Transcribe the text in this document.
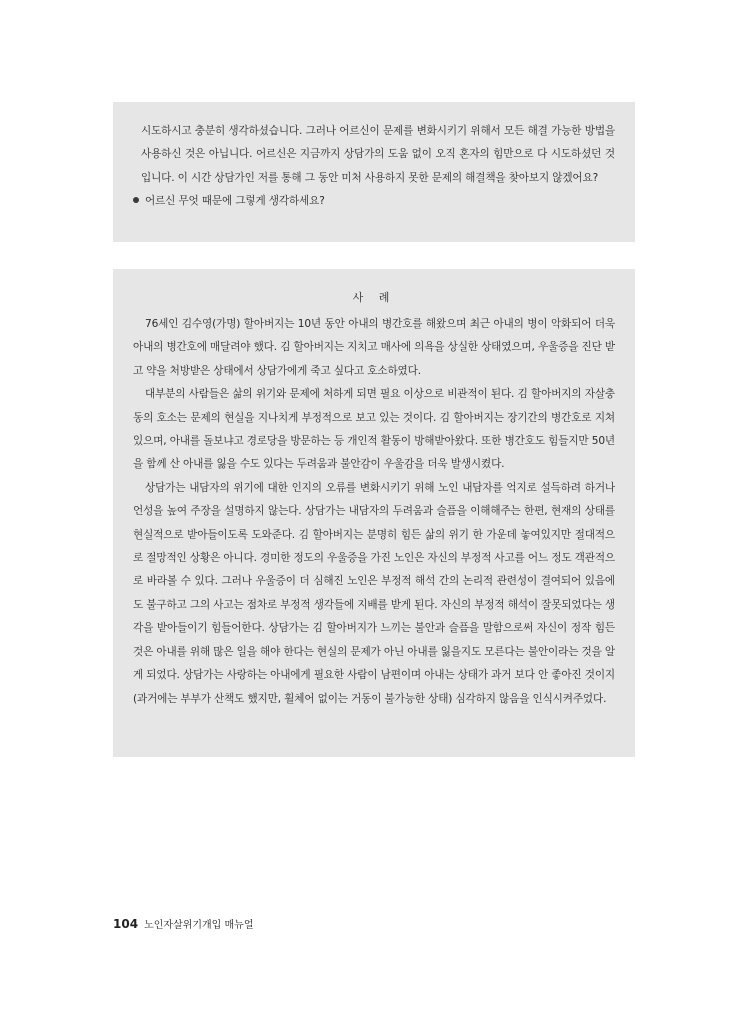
시도하시고 충분히 생각하셨습니다. 그러나 어르신이 문제를 변화시키기 위해서 모든 해결 가능한 방법을 사용하신 것은 아닙니다. 어르신은 지금까지 상담가의 도움 없이 오직 혼자의 힘만으로 다 시도하셨던 것입니다. 이 시간 상담가인 저를 통해 그 동안 미처 사용하지 못한 문제의 해결책을 찾아보지 않겠어요?

어르신 무엇 때문에 그렇게 생각하세요?

사 례

76세인 김수영(가명) 할아버지는 10년 동안 아내의 병간호를 해왔으며 최근 아내의 병이 악화되어 더욱 아내의 병간호에 매달려야 했다. 김 할아버지는 지치고 매사에 의욕을 상실한 상태였으며, 우울증을 진단 받고 약을 처방받은 상태에서 상담가에게 죽고 싶다고 호소하였다.

대부분의 사람들은 삶의 위기와 문제에 처하게 되면 필요 이상으로 비관적이 된다. 김 할아버지의 자살충동의 호소는 문제의 현실을 지나치게 부정적으로 보고 있는 것이다. 김 할아버지는 장기간의 병간호로 지쳐있으며, 아내를 돌보냐고 경로당을 방문하는 등 개인적 활동이 방해받아왔다. 또한 병간호도 힘들지만 50년을 함께 산 아내를 잃을 수도 있다는 두려움과 불안감이 우울감을 더욱 발생시켰다.

상담가는 내담자의 위기에 대한 인지의 오류를 변화시키기 위해 노인 내담자를 억지로 설득하려 하거나 언성을 높여 주장을 설명하지 않는다. 상담가는 내담자의 두려움과 슬픔을 이해해주는 한편, 현재의 상태를 현실적으로 받아들이도록 도와준다. 김 할아버지는 분명히 힘든 삶의 위기 한 가운데 놓여있지만 절대적으로 절망적인 상황은 아니다. 경미한 정도의 우울증을 가진 노인은 자신의 부정적 사고를 어느 정도 객관적으로 바라볼 수 있다. 그러나 우울증이 더 심해진 노인은 부정적 해석 간의 논리적 관련성이 결여되어 있음에도 불구하고 그의 사고는 점차로 부정적 생각들에 지배를 받게 된다. 자신의 부정적 해석이 잘못되었다는 생각을 받아들이기 힘들어한다. 상담가는 김 할아버지가 느끼는 불안과 슬픔을 말함으로써 자신이 정작 힘든 것은 아내를 위해 많은 일을 해야 한다는 현실의 문제가 아닌 아내를 잃을지도 모른다는 불안이라는 것을 알게 되었다. 상담가는 사랑하는 아내에게 필요한 사람이 남편이며 아내는 상태가 과거 보다 안 좋아진 것이지(과거에는 부부가 산책도 했지만, 휠체어 없이는 거동이 불가능한 상태) 심각하지 않음을 인식시켜주었다.

104 노인자살위기개입 매뉴얼
